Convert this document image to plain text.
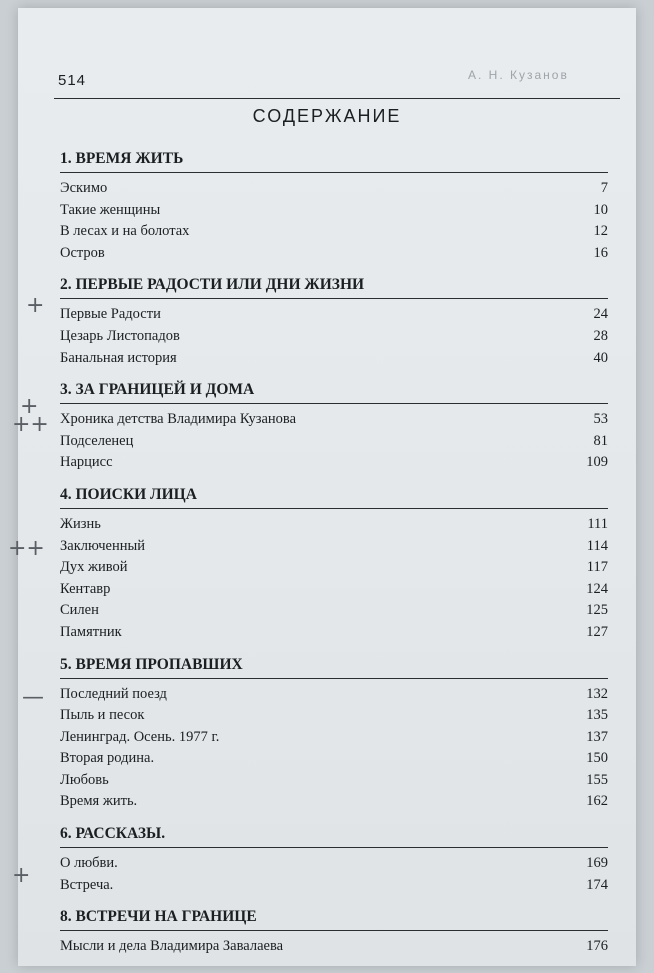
514	А. Н. Кузанов
СОДЕРЖАНИЕ
1. ВРЕМЯ ЖИТЬ
Эскимо	7
Такие женщины	10
В лесах и на болотах	12
Остров	16
2. ПЕРВЫЕ РАДОСТИ ИЛИ ДНИ ЖИЗНИ
Первые Радости	24
Цезарь Листопадов	28
Банальная история	40
3. ЗА ГРАНИЦЕЙ И ДОМА
Хроника детства Владимира Кузанова	53
Подселенец	81
Нарцисс	109
4. ПОИСКИ ЛИЦА
Жизнь	111
Заключенный	114
Дух живой	117
Кентавр	124
Силен	125
Памятник	127
5. ВРЕМЯ ПРОПАВШИХ
Последний поезд	132
Пыль и песок	135
Ленинград. Осень. 1977 г.	137
Вторая родина.	150
Любовь	155
Время жить.	162
6. РАССКАЗЫ.
О любви.	169
Встреча.	174
8. ВСТРЕЧИ НА ГРАНИЦЕ
Мысли и дела Владимира Завалаева	176
+
+
++
++
—
+
